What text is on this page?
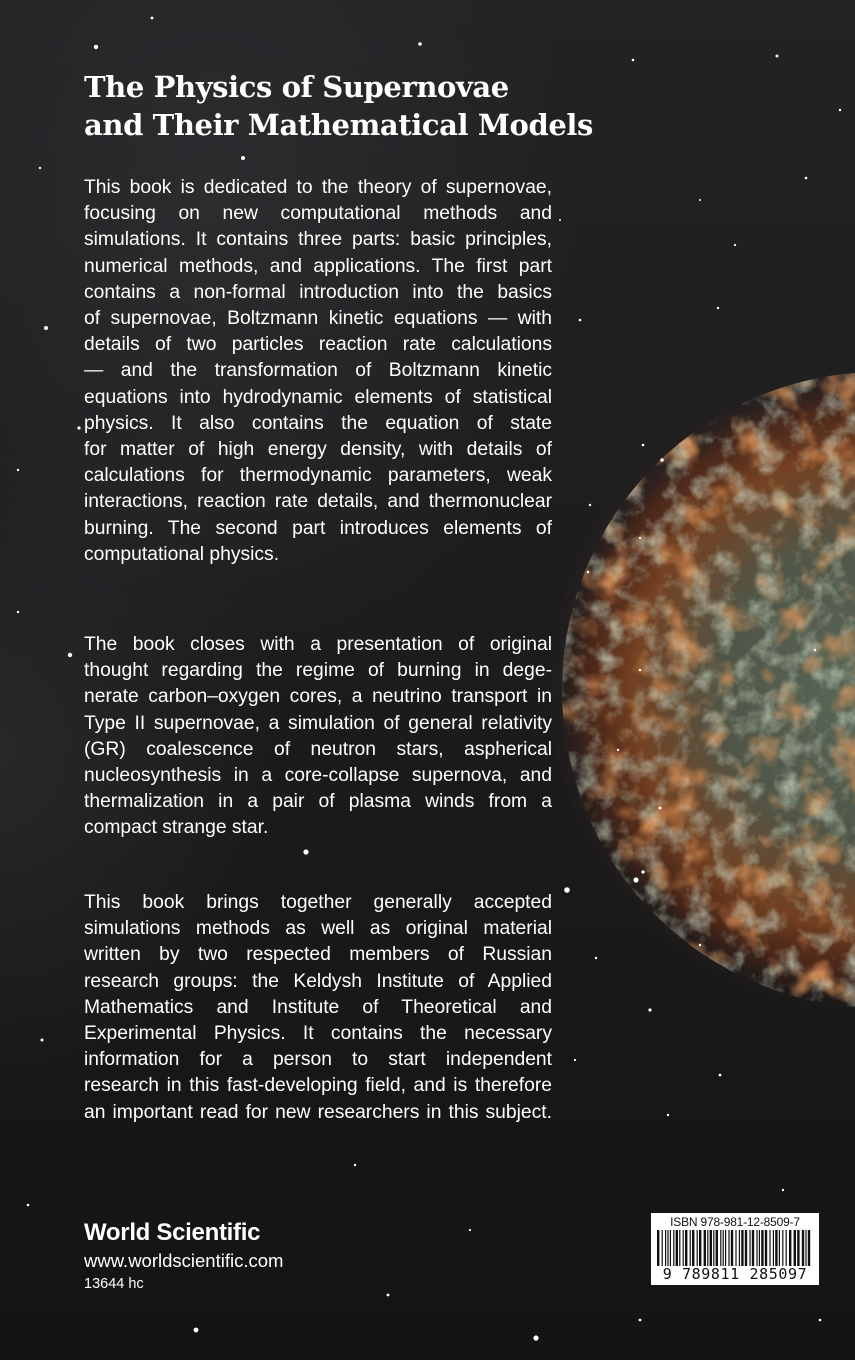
The Physics of Supernovae
and Their Mathematical Models
This book is dedicated to the theory of supernovae,
focusing on new computational methods and
simulations. It contains three parts: basic principles,
numerical methods, and applications. The first part
contains a non-formal introduction into the basics
of supernovae, Boltzmann kinetic equations — with
details of two particles reaction rate calculations
— and the transformation of Boltzmann kinetic
equations into hydrodynamic elements of statistical
physics. It also contains the equation of state
for matter of high energy density, with details of
calculations for thermodynamic parameters, weak
interactions, reaction rate details, and thermonuclear
burning. The second part introduces elements of
computational physics.
The book closes with a presentation of original
thought regarding the regime of burning in dege-
nerate carbon–oxygen cores, a neutrino transport in
Type II supernovae, a simulation of general relativity
(GR) coalescence of neutron stars, aspherical
nucleosynthesis in a core-collapse supernova, and
thermalization in a pair of plasma winds from a
compact strange star.
This book brings together generally accepted
simulations methods as well as original material
written by two respected members of Russian
research groups: the Keldysh Institute of Applied
Mathematics and Institute of Theoretical and
Experimental Physics. It contains the necessary
information for a person to start independent
research in this fast-developing field, and is therefore
an important read for new researchers in this subject.
World Scientific
www.worldscientific.com
13644 hc
ISBN 978-981-12-8509-7
9 789811 285097
